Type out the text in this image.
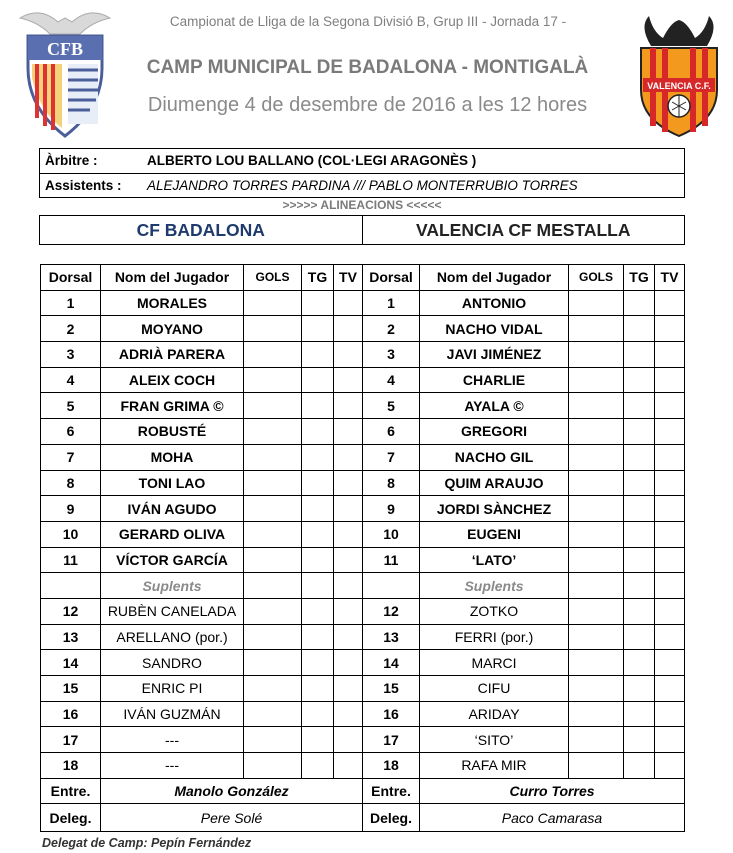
CFB
VALENCIA C.F.
Campionat de Lliga de la Segona Divisió B, Grup III - Jornada 17 -
CAMP MUNICIPAL DE BADALONA - MONTIGALÀ
Diumenge 4 de desembre de 2016 a les 12 hores
Àrbitre :	ALBERTO LOU BALLANO (COL·LEGI ARAGONÈS )
Assistents : ALEJANDRO TORRES PARDINA /// PABLO MONTERRUBIO TORRES
>>>>> ALINEACIONS <<<<<
CF BADALONA	VALENCIA CF MESTALLA
Dorsal	Nom del Jugador	GOLS	TG	TV	Dorsal	Nom del Jugador	GOLS	TG	TV
1	MORALES				1	ANTONIO			
2	MOYANO				2	NACHO VIDAL			
3	ADRIÀ PARERA				3	JAVI JIMÉNEZ			
4	ALEIX COCH				4	CHARLIE			
5	FRAN GRIMA ©				5	AYALA ©			
6	ROBUSTÉ				6	GREGORI			
7	MOHA				7	NACHO GIL			
8	TONI LAO				8	QUIM ARAUJO			
9	IVÁN AGUDO				9	JORDI SÀNCHEZ			
10	GERARD OLIVA				10	EUGENI			
11	VÍCTOR GARCÍA				11	‘LATO’			
	Suplents					Suplents			
12	RUBÈN CANELADA				12	ZOTKO			
13	ARELLANO (por.)				13	FERRI (por.)			
14	SANDRO				14	MARCI			
15	ENRIC PI				15	CIFU			
16	IVÁN GUZMÁN				16	ARIDAY			
17	---				17	‘SITO’			
18	---				18	RAFA MIR			
Entre.	Manolo González				Entre.	Curro Torres			
Deleg.	Pere Solé				Deleg.	Paco Camarasa			
Delegat de Camp: Pepín Fernández
